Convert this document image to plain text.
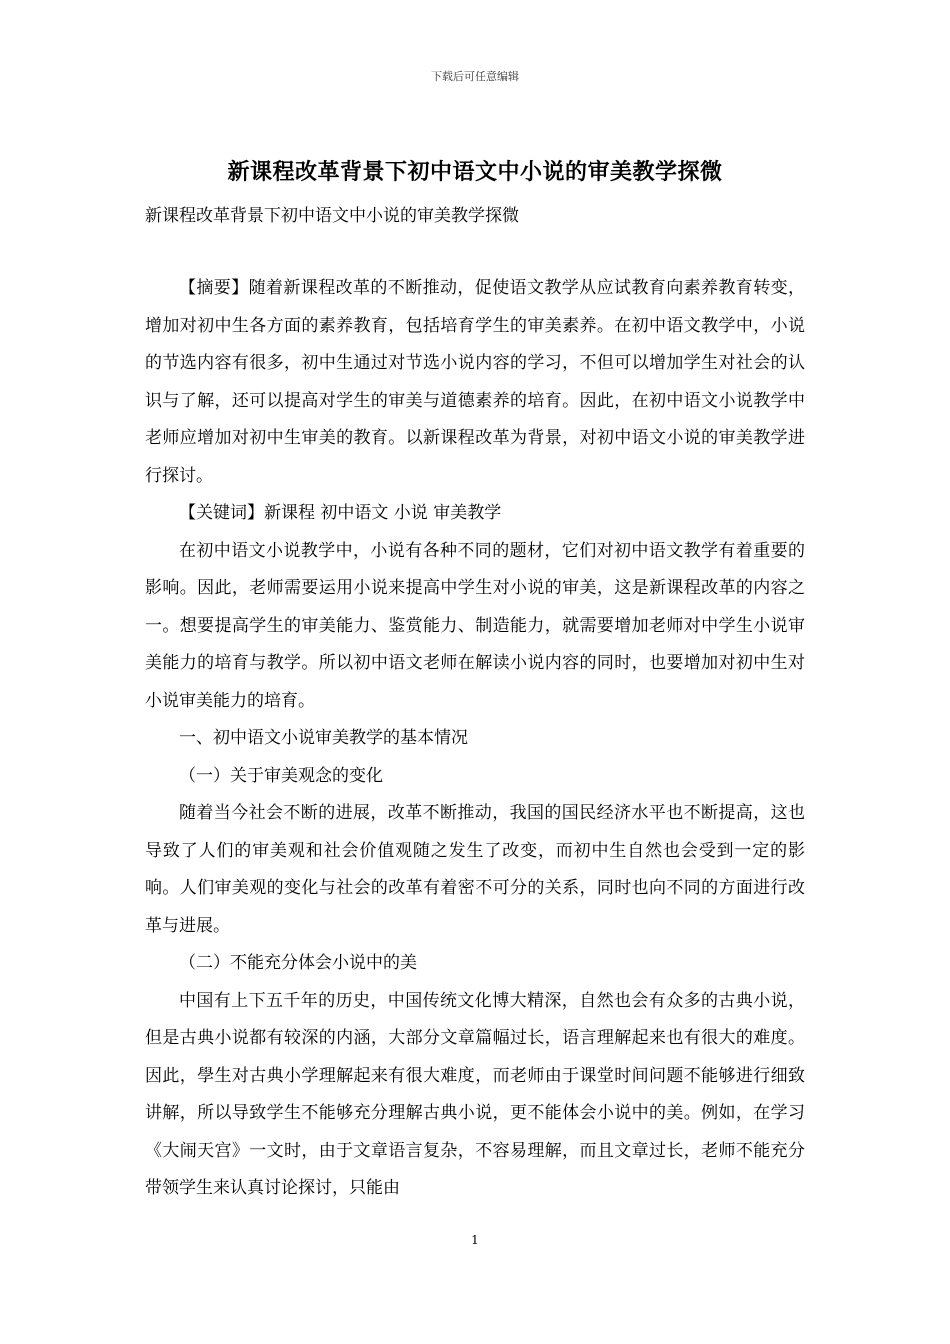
下载后可任意编辑
新课程改革背景下初中语文中小说的审美教学探微
新课程改革背景下初中语文中小说的审美教学探微

【摘要】随着新课程改革的不断推动，促使语文教学从应试教育向素养教育转变，增加对初中生各方面的素养教育，包括培育学生的审美素养。在初中语文教学中，小说的节选内容有很多，初中生通过对节选小说内容的学习，不但可以增加学生对社会的认识与了解，还可以提高对学生的审美与道德素养的培育。因此，在初中语文小说教学中老师应增加对初中生审美的教育。以新课程改革为背景，对初中语文小说的审美教学进行探讨。

【关键词】新课程 初中语文 小说 审美教学

在初中语文小说教学中，小说有各种不同的题材，它们对初中语文教学有着重要的影响。因此，老师需要运用小说来提高中学生对小说的审美，这是新课程改革的内容之一。想要提高学生的审美能力、鉴赏能力、制造能力，就需要增加老师对中学生小说审美能力的培育与教学。所以初中语文老师在解读小说内容的同时，也要增加对初中生对小说审美能力的培育。

一、初中语文小说审美教学的基本情况

（一）关于审美观念的变化

随着当今社会不断的进展，改革不断推动，我国的国民经济水平也不断提高，这也导致了人们的审美观和社会价值观随之发生了改变，而初中生自然也会受到一定的影响。人们审美观的变化与社会的改革有着密不可分的关系，同时也向不同的方面进行改革与进展。

（二）不能充分体会小说中的美

中国有上下五千年的历史，中国传统文化博大精深，自然也会有众多的古典小说，但是古典小说都有较深的内涵，大部分文章篇幅过长，语言理解起来也有很大的难度。因此，學生对古典小学理解起来有很大难度，而老师由于课堂时间问题不能够进行细致讲解，所以导致学生不能够充分理解古典小说，更不能体会小说中的美。例如，在学习《大闹天宫》一文时，由于文章语言复杂，不容易理解，而且文章过长，老师不能充分带领学生来认真讨论探讨，只能由

1
